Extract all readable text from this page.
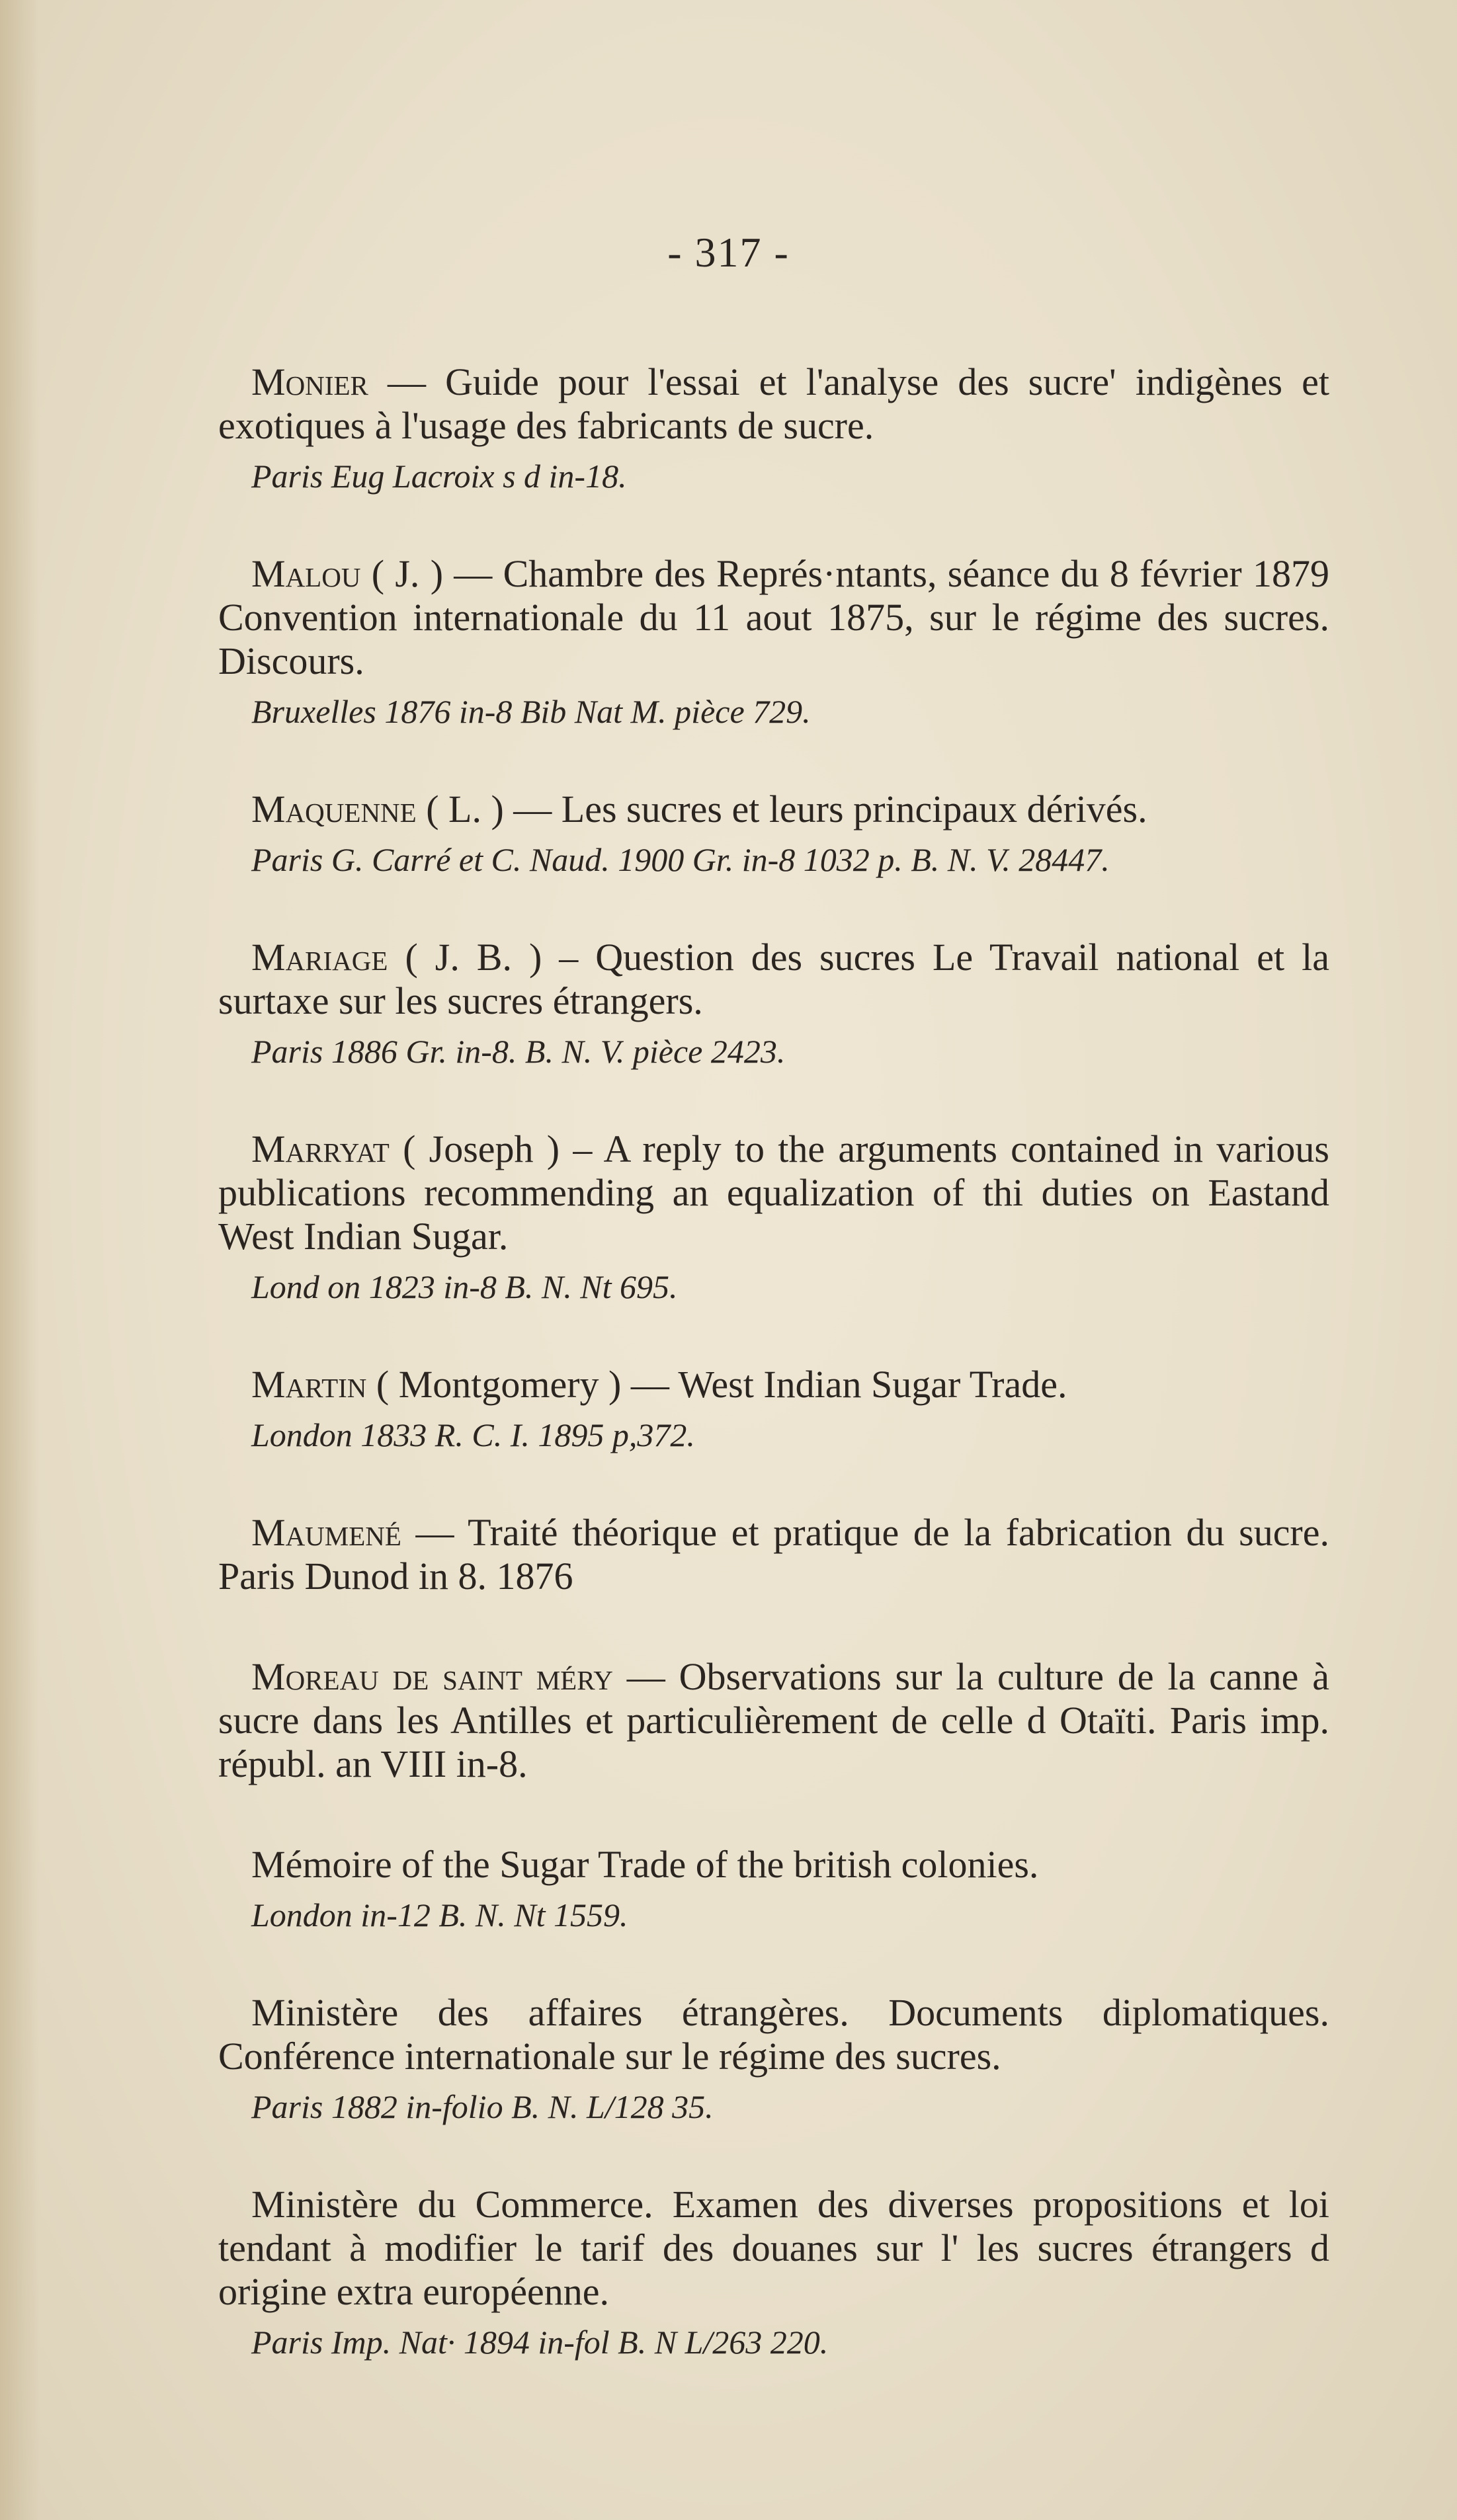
- 317 -

Monier — Guide pour l'essai et l'analyse des sucre' indigènes et exotiques à l'usage des fabricants de sucre.

Paris Eug Lacroix s d in-18.

Malou ( J. ) — Chambre des Représ·ntants, séance du 8 février 1879 Convention internationale du 11 aout 1875, sur le régime des sucres. Discours.

Bruxelles 1876 in-8 Bib Nat M. pièce 729.

Maquenne ( L. ) — Les sucres et leurs principaux dérivés.

Paris G. Carré et C. Naud. 1900 Gr. in-8 1032 p. B. N. V. 28447.

Mariage ( J. B. ) – Question des sucres Le Travail national et la surtaxe sur les sucres étrangers.

Paris 1886 Gr. in-8. B. N. V. pièce 2423.

Marryat ( Joseph ) – A reply to the arguments contained in various publications recommending an equalization of thi duties on Eastand West Indian Sugar.

Lond on 1823 in-8 B. N. Nt 695.

Martin ( Montgomery ) — West Indian Sugar Trade.

London 1833 R. C. I. 1895 p,372.

Maumené — Traité théorique et pratique de la fabrication du sucre. Paris Dunod in 8. 1876

Moreau de saint méry — Observations sur la culture de la canne à sucre dans les Antilles et particulièrement de celle d Otaïti. Paris imp. républ. an VIII in-8.

Mémoire of the Sugar Trade of the british colonies.

London in-12 B. N. Nt 1559.

Ministère des affaires étrangères. Documents diplomatiques. Conférence internationale sur le régime des sucres.

Paris 1882 in-folio B. N. L/128 35.

Ministère du Commerce. Examen des diverses propositions et loi tendant à modifier le tarif des douanes sur l' les sucres étrangers d origine extra européenne.

Paris Imp. Nat· 1894 in-fol B. N L/263 220.
